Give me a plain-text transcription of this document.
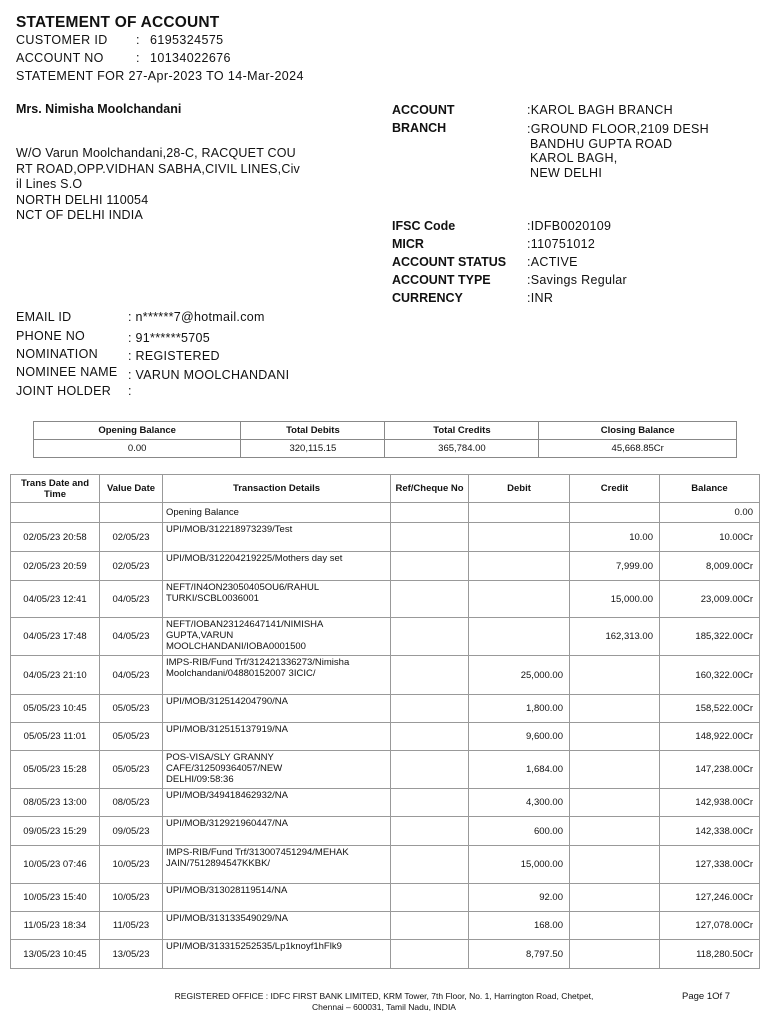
STATEMENT OF ACCOUNT
CUSTOMER ID : 6195324575
ACCOUNT NO	: 10134022676
STATEMENT FOR 27-Apr-2023 TO 14-Mar-2024
Mrs. Nimisha Moolchandani
W/O Varun Moolchandani,28-C, RACQUET COU
RT ROAD,OPP.VIDHAN SABHA,CIVIL LINES,Civ
il Lines S.O
NORTH DELHI 110054
NCT OF DELHI INDIA
ACCOUNT	:KAROL BAGH BRANCH
BRANCH	:GROUND FLOOR,2109 DESH
BANDHU GUPTA ROAD
KAROL BAGH,
NEW DELHI
IFSC Code	:IDFB0020109
MICR	:110751012
ACCOUNT STATUS :ACTIVE
ACCOUNT TYPE	:Savings Regular
CURRENCY	:INR
EMAIL ID	: n******7@hotmail.com
PHONE NO	: 91******5705
NOMINATION : REGISTERED
NOMINEE NAME : VARUN MOOLCHANDANI
JOINT HOLDER :
Opening Balance	Total Debits	Total Credits	Closing Balance
0.00	320,115.15	365,784.00	45,668.85Cr
Trans Date and Time	Value Date	Transaction Details	Ref/Cheque No	Debit	Credit	Balance
		Opening Balance				0.00
02/05/23 20:58	02/05/23	UPI/MOB/312218973239/Test			10.00	10.00Cr
02/05/23 20:59	02/05/23	UPI/MOB/312204219225/Mothers day set			7,999.00	8,009.00Cr
04/05/23 12:41	04/05/23	NEFT/IN4ON23050405OU6/RAHUL
TURKI/SCBL0036001			15,000.00	23,009.00Cr
04/05/23 17:48	04/05/23	NEFT/IOBAN23124647141/NIMISHA
GUPTA,VARUN
MOOLCHANDANI/IOBA0001500			162,313.00	185,322.00Cr
04/05/23 21:10	04/05/23	IMPS-RIB/Fund Trf/312421336273/Nimisha
Moolchandani/04880152007 3ICIC/		25,000.00		160,322.00Cr
05/05/23 10:45	05/05/23	UPI/MOB/312514204790/NA		1,800.00		158,522.00Cr
05/05/23 11:01	05/05/23	UPI/MOB/312515137919/NA		9,600.00		148,922.00Cr
05/05/23 15:28	05/05/23	POS-VISA/SLY GRANNY
CAFE/312509364057/NEW
DELHI/09:58:36		1,684.00		147,238.00Cr
08/05/23 13:00	08/05/23	UPI/MOB/349418462932/NA		4,300.00		142,938.00Cr
09/05/23 15:29	09/05/23	UPI/MOB/312921960447/NA		600.00		142,338.00Cr
10/05/23 07:46	10/05/23	IMPS-RIB/Fund Trf/313007451294/MEHAK
JAIN/7512894547KKBK/		15,000.00		127,338.00Cr
10/05/23 15:40	10/05/23	UPI/MOB/313028119514/NA		92.00		127,246.00Cr
11/05/23 18:34	11/05/23	UPI/MOB/313133549029/NA		168.00		127,078.00Cr
13/05/23 10:45	13/05/23	UPI/MOB/313315252535/Lp1knoyf1hFlk9		8,797.50		118,280.50Cr
REGISTERED OFFICE : IDFC FIRST BANK LIMITED, KRM Tower, 7th Floor, No. 1, Harrington Road, Chetpet,
Chennai – 600031, Tamil Nadu, INDIA
Page 1Of 7
